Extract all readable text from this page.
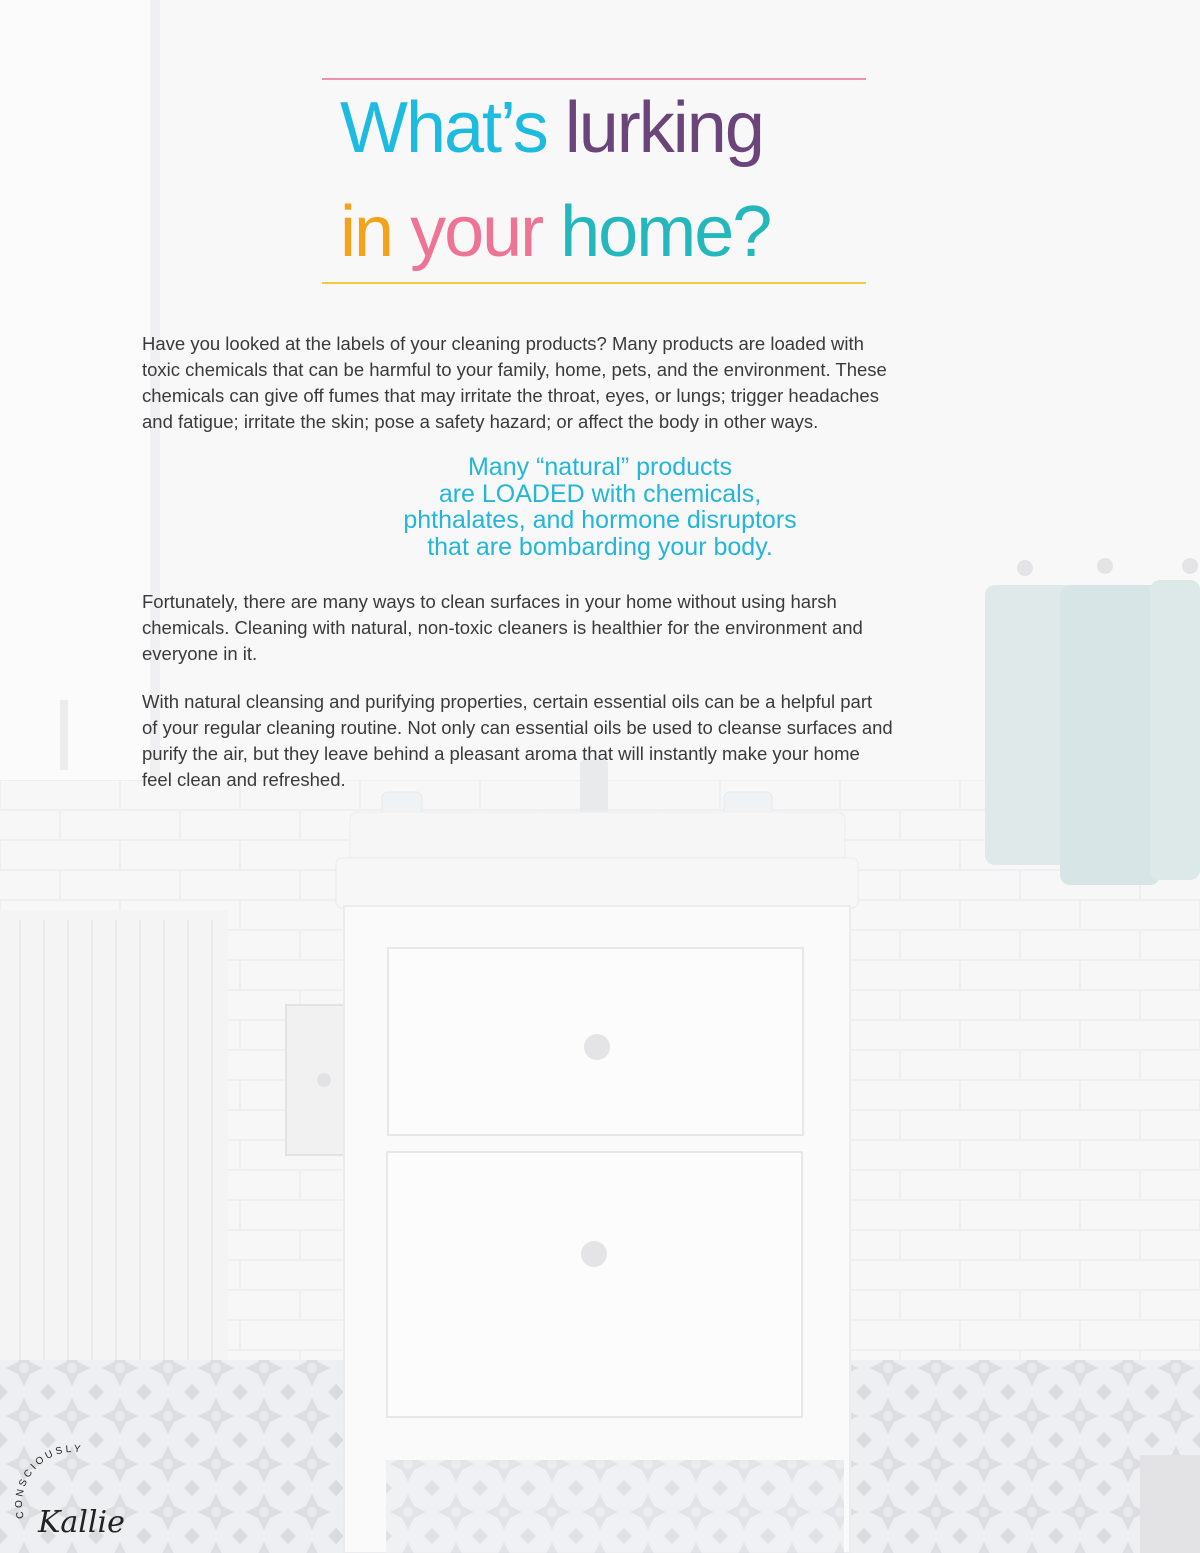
What’s lurking
in your home?
Have you looked at the labels of your cleaning products? Many products are loaded with
toxic chemicals that can be harmful to your family, home, pets, and the environment. These
chemicals can give off fumes that may irritate the throat, eyes, or lungs; trigger headaches
and fatigue; irritate the skin; pose a safety hazard; or affect the body in other ways.
Many “natural” products
are LOADED with chemicals,
phthalates, and hormone disruptors
that are bombarding your body.
Fortunately, there are many ways to clean surfaces in your home without using harsh
chemicals. Cleaning with natural, non-toxic cleaners is healthier for the environment and
everyone in it.
With natural cleansing and purifying properties, certain essential oils can be a helpful part
of your regular cleaning routine. Not only can essential oils be used to cleanse surfaces and
purify the air, but they leave behind a pleasant aroma that will instantly make your home
feel clean and refreshed.
CONSCIOUSLY
Kallie
